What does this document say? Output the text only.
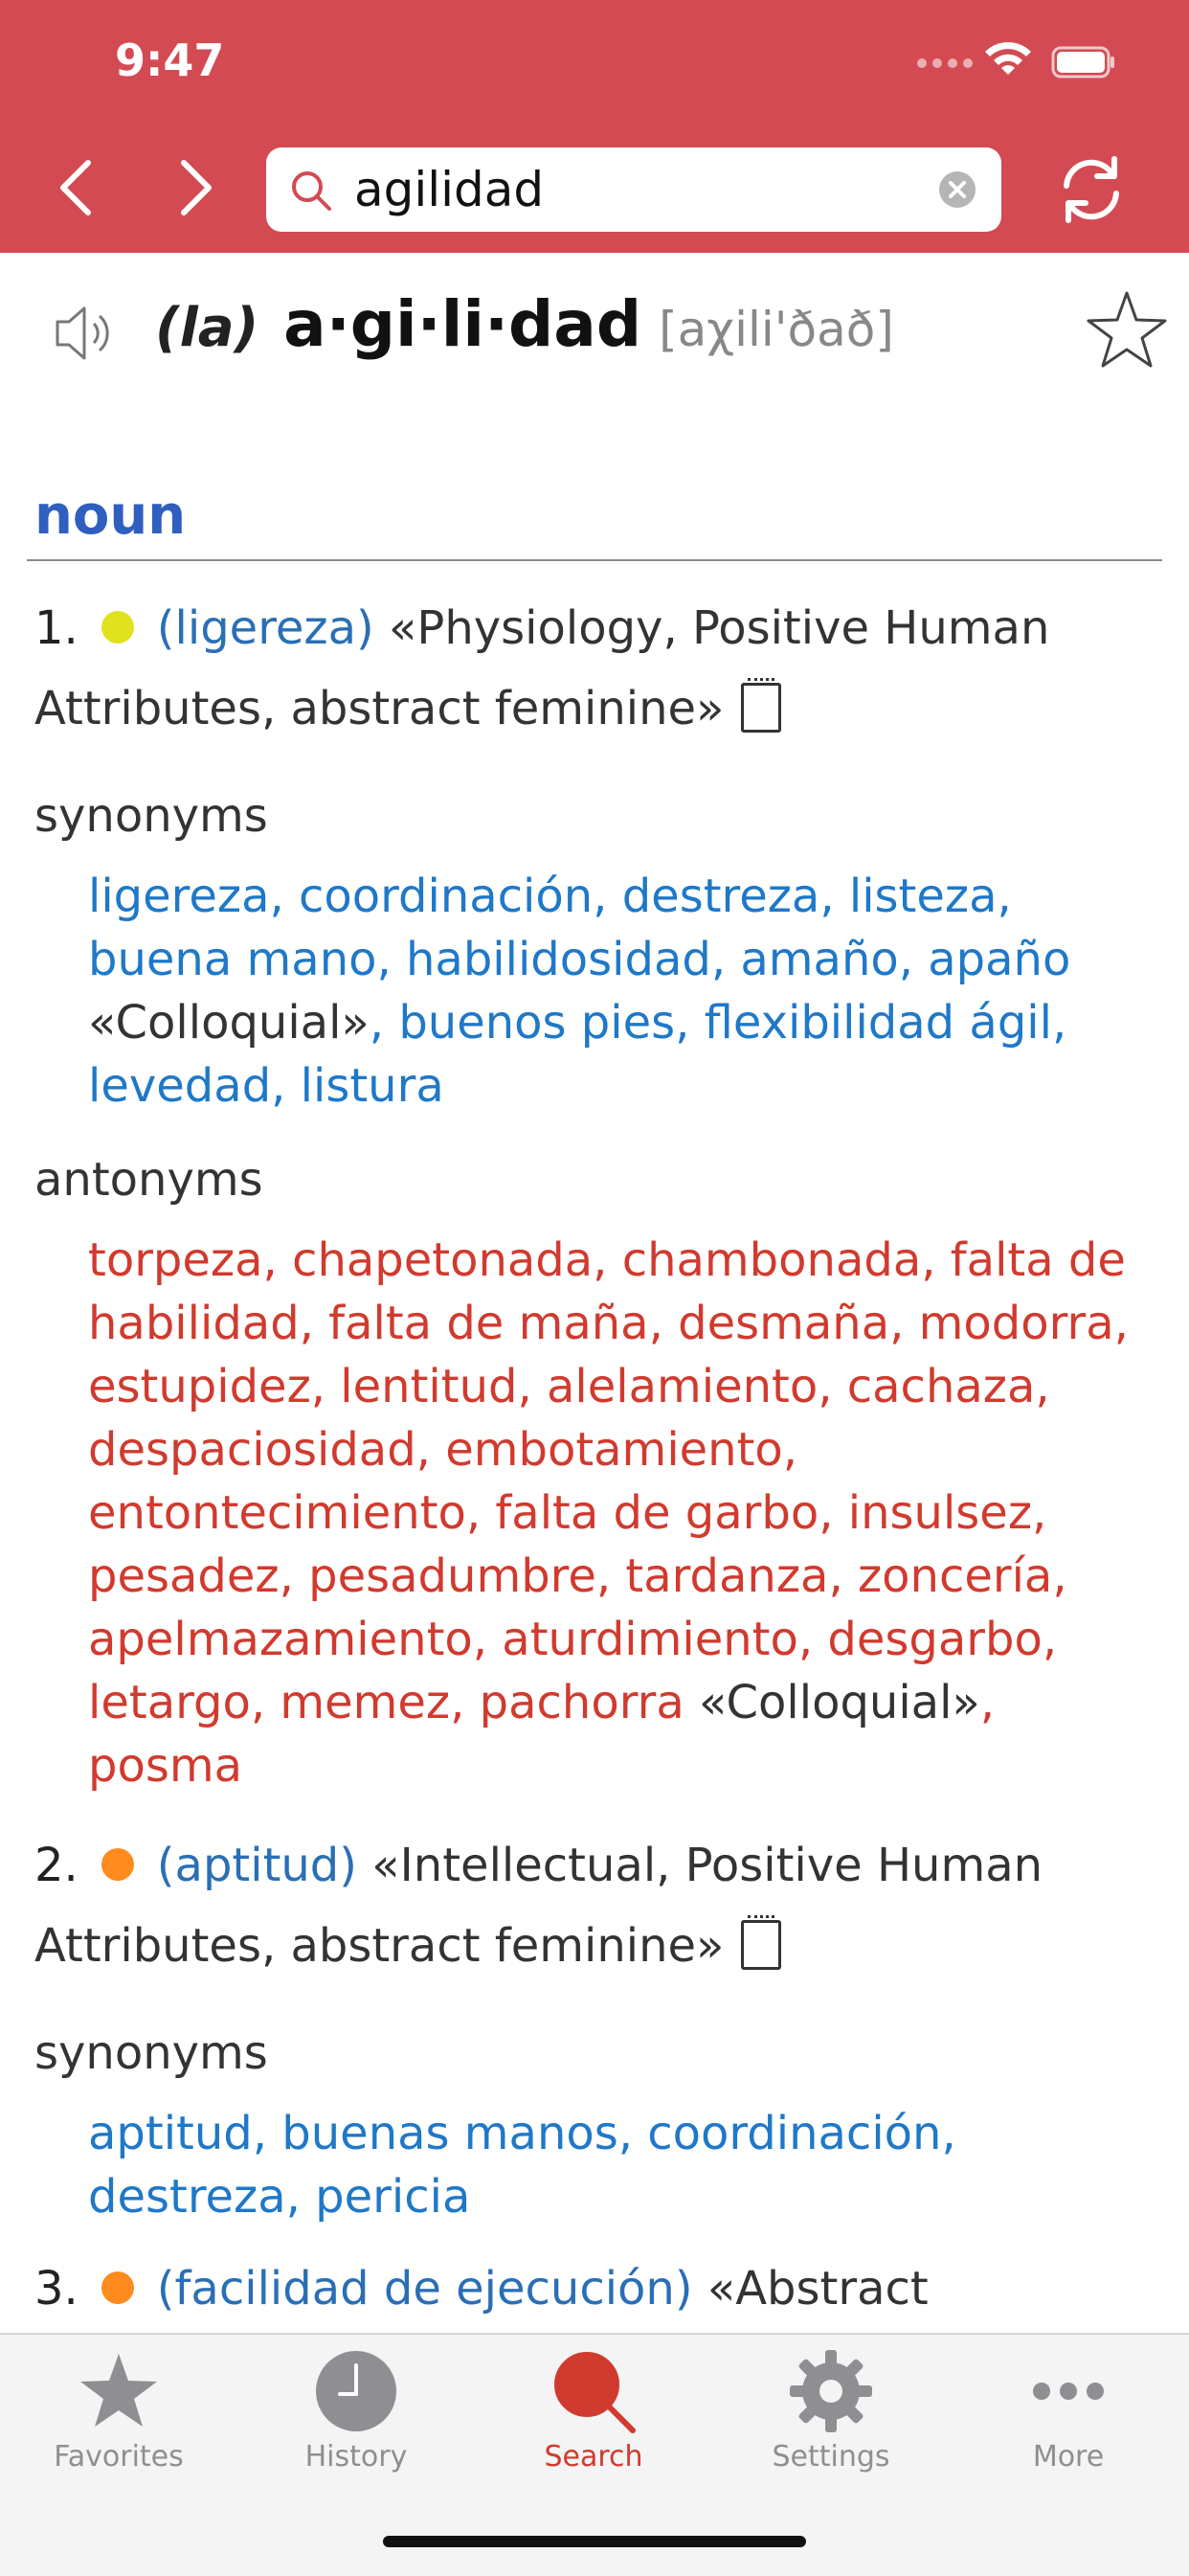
9:47
agilidad
(la) a·gi·li·dad [aχili'ðað]
noun
1. (ligereza) «Physiology, Positive Human
Attributes, abstract feminine»
synonyms
ligereza, coordinación, destreza, listeza,
buena mano, habilidosidad, amaño, apaño
«Colloquial», buenos pies, flexibilidad ágil,
levedad, listura
antonyms
torpeza, chapetonada, chambonada, falta de
habilidad, falta de maña, desmaña, modorra,
estupidez, lentitud, alelamiento, cachaza,
despaciosidad, embotamiento,
entontecimiento, falta de garbo, insulsez,
pesadez, pesadumbre, tardanza, zoncería,
apelmazamiento, aturdimiento, desgarbo,
letargo, memez, pachorra «Colloquial»,
posma
2. (aptitud) «Intellectual, Positive Human
Attributes, abstract feminine»
synonyms
aptitud, buenas manos, coordinación,
destreza, pericia
3. (facilidad de ejecución) «Abstract
Favorites	History	Search	Settings	More
